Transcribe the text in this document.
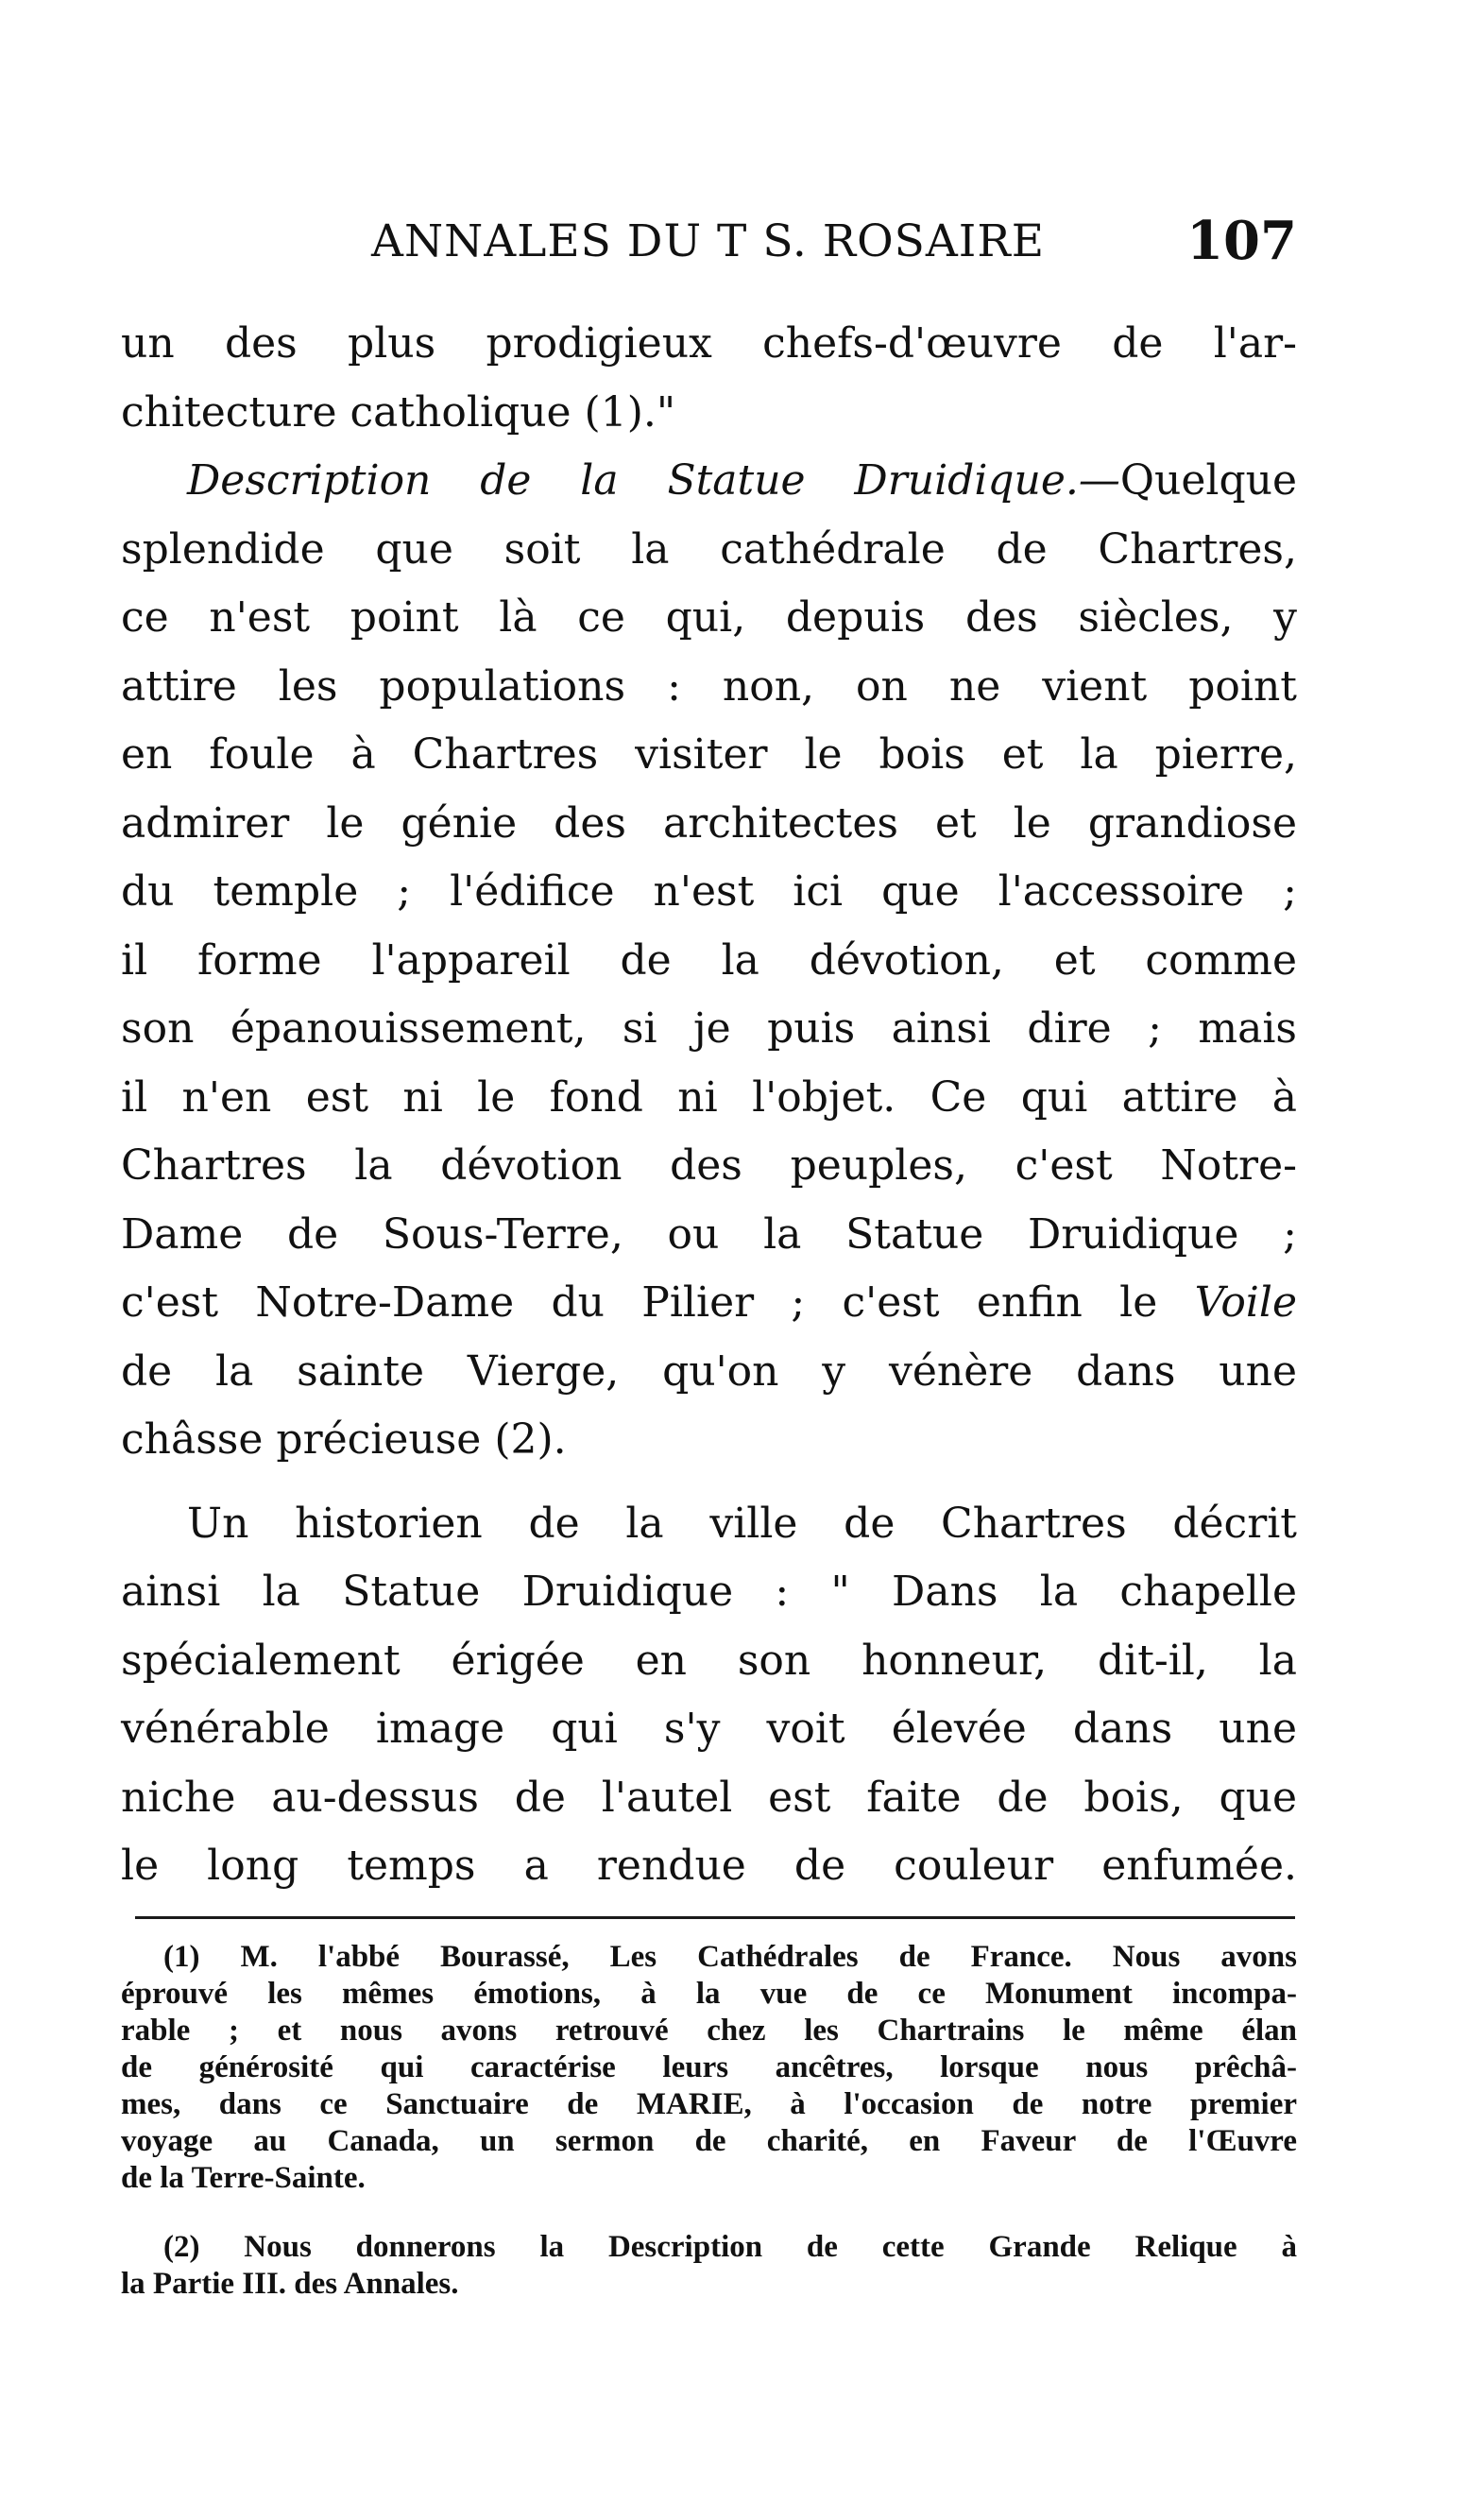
ANNALES DU T S. ROSAIRE	107
un des plus prodigieux chefs-d'œuvre de l'ar-
chitecture catholique (1)."
Description de la Statue Druidique.—Quelque
splendide que soit la cathédrale de Chartres,
ce n'est point là ce qui, depuis des siècles, y
attire les populations : non, on ne vient point
en foule à Chartres visiter le bois et la pierre,
admirer le génie des architectes et le grandiose
du temple ; l'édifice n'est ici que l'accessoire ;
il forme l'appareil de la dévotion, et comme
son épanouissement, si je puis ainsi dire ; mais
il n'en est ni le fond ni l'objet. Ce qui attire à
Chartres la dévotion des peuples, c'est Notre-
Dame de Sous-Terre, ou la Statue Druidique ;
c'est Notre-Dame du Pilier ; c'est enfin le Voile
de la sainte Vierge, qu'on y vénère dans une
châsse précieuse (2).
Un historien de la ville de Chartres décrit
ainsi la Statue Druidique : " Dans la chapelle
spécialement érigée en son honneur, dit-il, la
vénérable image qui s'y voit élevée dans une
niche au-dessus de l'autel est faite de bois, que
le long temps a rendue de couleur enfumée.
(1) M. l'abbé Bourassé, Les Cathédrales de France. Nous avons
éprouvé les mêmes émotions, à la vue de ce Monument incompa-
rable ; et nous avons retrouvé chez les Chartrains le même élan
de générosité qui caractérise leurs ancêtres, lorsque nous prêchâ-
mes, dans ce Sanctuaire de MARIE, à l'occasion de notre premier
voyage au Canada, un sermon de charité, en Faveur de l'Œuvre
de la Terre-Sainte.
(2) Nous donnerons la Description de cette Grande Relique à
la Partie III. des Annales.
